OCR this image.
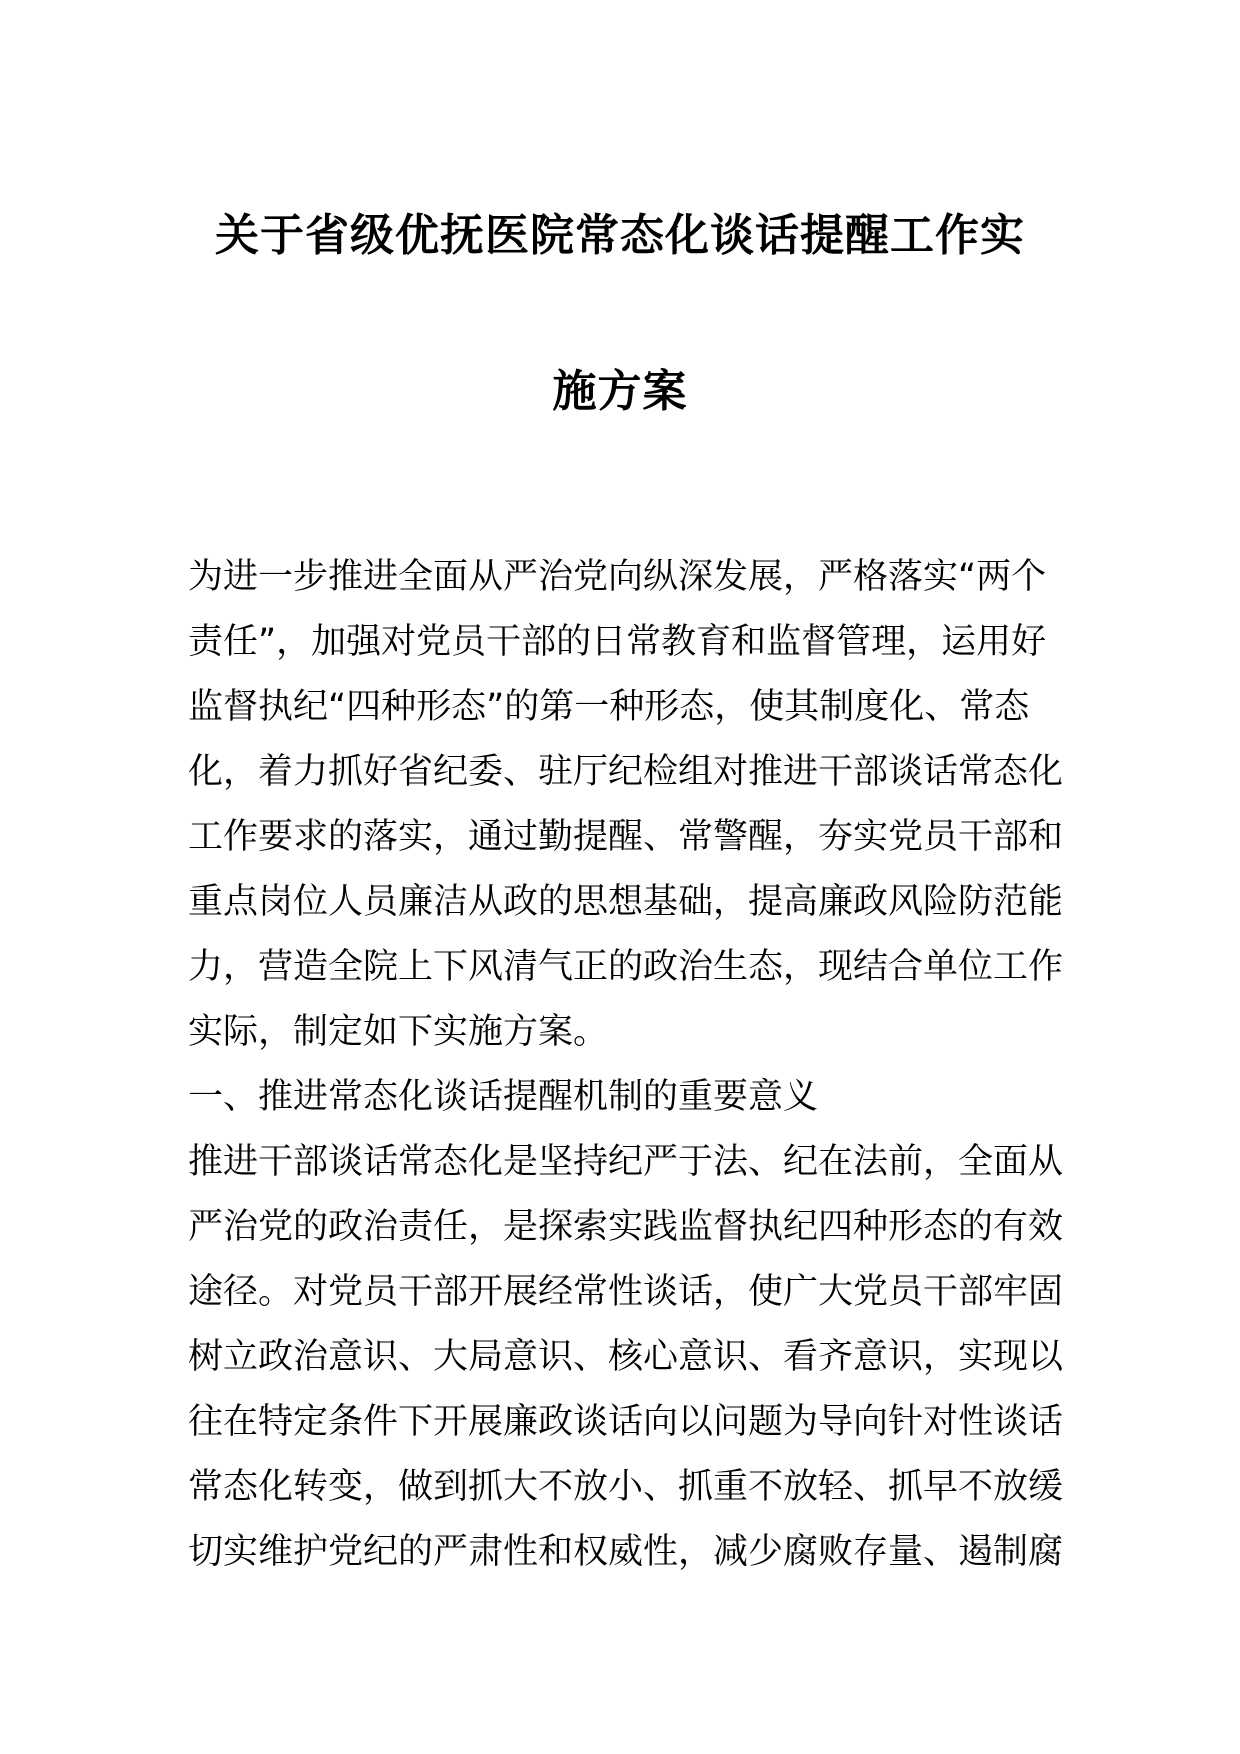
关于省级优抚医院常态化谈话提醒工作实
施方案
为进一步推进全面从严治党向纵深发展，严格落实“两个
责任”，加强对党员干部的日常教育和监督管理，运用好
监督执纪“四种形态”的第一种形态，使其制度化、常态
化，着力抓好省纪委、驻厅纪检组对推进干部谈话常态化
工作要求的落实，通过勤提醒、常警醒，夯实党员干部和
重点岗位人员廉洁从政的思想基础，提高廉政风险防范能
力，营造全院上下风清气正的政治生态，现结合单位工作
实际，制定如下实施方案。
一、推进常态化谈话提醒机制的重要意义
推进干部谈话常态化是坚持纪严于法、纪在法前，全面从
严治党的政治责任，是探索实践监督执纪四种形态的有效
途径。对党员干部开展经常性谈话，使广大党员干部牢固
树立政治意识、大局意识、核心意识、看齐意识，实现以
往在特定条件下开展廉政谈话向以问题为导向针对性谈话
常态化转变，做到抓大不放小、抓重不放轻、抓早不放缓
切实维护党纪的严肃性和权威性，减少腐败存量、遏制腐
